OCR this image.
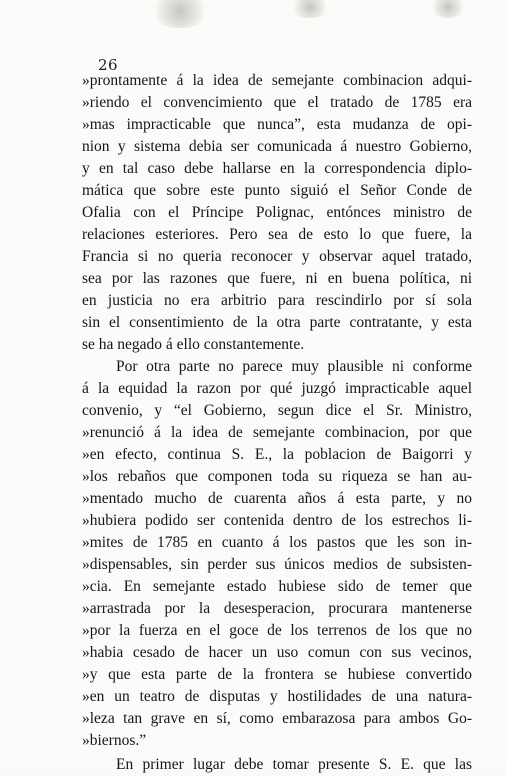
26
»prontamente á la idea de semejante combinacion adqui-
»riendo el convencimiento que el tratado de 1785 era
»mas impracticable que nunca”, esta mudanza de opi-
nion y sistema debia ser comunicada á nuestro Gobierno,
y en tal caso debe hallarse en la correspondencia diplo-
mática que sobre este punto siguió el Señor Conde de
Ofalia con el Príncipe Polignac, entónces ministro de
relaciones esteriores. Pero sea de esto lo que fuere, la
Francia si no queria reconocer y observar aquel tratado,
sea por las razones que fuere, ni en buena política, ni
en justicia no era arbitrio para rescindirlo por sí sola
sin el consentimiento de la otra parte contratante, y esta
se ha negado á ello constantemente.
Por otra parte no parece muy plausible ni conforme
á la equidad la razon por qué juzgó impracticable aquel
convenio, y “el Gobierno, segun dice el Sr. Ministro,
»renunció á la idea de semejante combinacion, por que
»en efecto, continua S. E., la poblacion de Baigorri y
»los rebaños que componen toda su riqueza se han au-
»mentado mucho de cuarenta años á esta parte, y no
»hubiera podido ser contenida dentro de los estrechos li-
»mites de 1785 en cuanto á los pastos que les son in-
»dispensables, sin perder sus únicos medios de subsisten-
»cia. En semejante estado hubiese sido de temer que
»arrastrada por la desesperacion, procurara mantenerse
»por la fuerza en el goce de los terrenos de los que no
»habia cesado de hacer un uso comun con sus vecinos,
»y que esta parte de la frontera se hubiese convertido
»en un teatro de disputas y hostilidades de una natura-
»leza tan grave en sí, como embarazosa para ambos Go-
»biernos.”
En primer lugar debe tomar presente S. E. que las
